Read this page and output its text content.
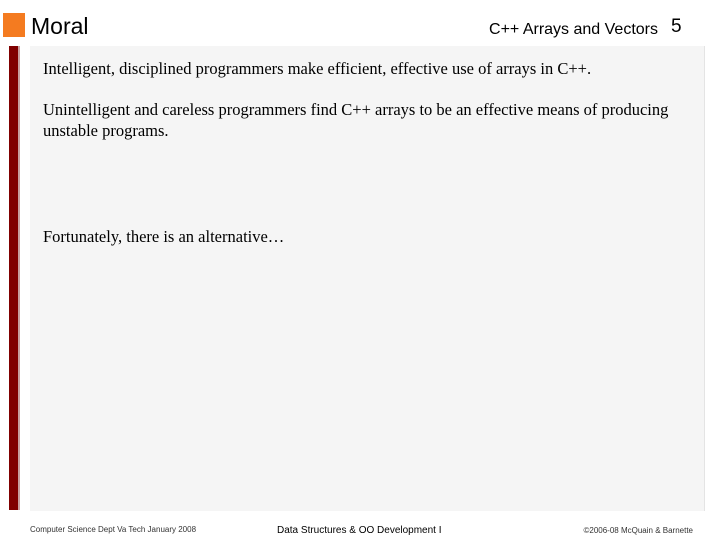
Moral	C++ Arrays and Vectors 5

Intelligent, disciplined programmers make efficient, effective use of arrays in C++.

Unintelligent and careless programmers find C++ arrays to be an effective means of producing unstable programs.

Fortunately, there is an alternative…

Computer Science Dept Va Tech January 2008	Data Structures & OO Development I	©2006-08 McQuain & Barnette
